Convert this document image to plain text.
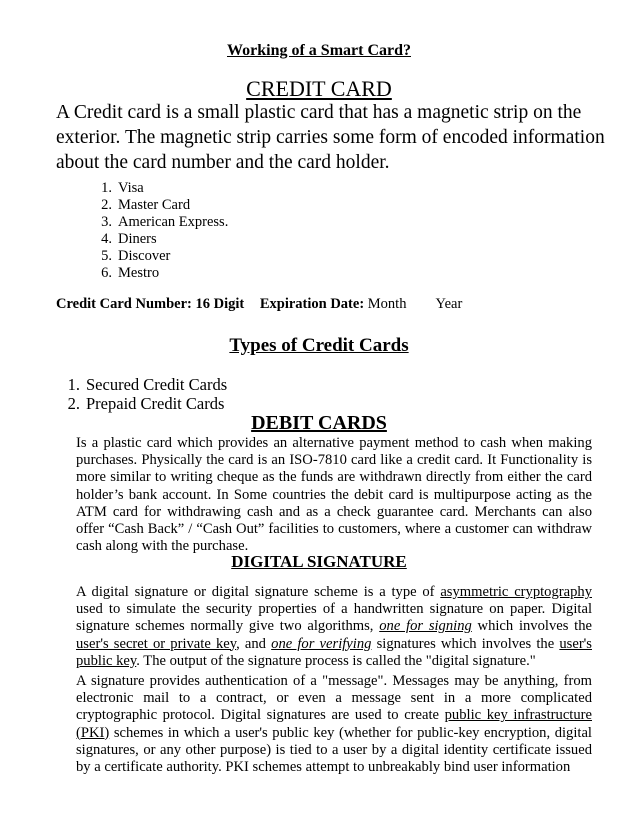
Working of a Smart Card?
CREDIT CARD

A Credit card is a small plastic card that has a magnetic strip on the exterior. The magnetic strip carries some form of encoded information about the card number and the card holder.

1. Visa
2. Master Card
3. American Express.
4. Diners
5. Discover
6. Mestro
Credit Card Number: 16 Digit Expiration Date: Month Year
Types of Credit Cards
1. Secured Credit Cards
2. Prepaid Credit Cards
DEBIT CARDS

Is a plastic card which provides an alternative payment method to cash when making purchases. Physically the card is an ISO-7810 card like a credit card. It Functionality is more similar to writing cheque as the funds are withdrawn directly from either the card holder’s bank account. In Some countries the debit card is multipurpose acting as the ATM card for withdrawing cash and as a check guarantee card. Merchants can also offer “Cash Back” / “Cash Out” facilities to customers, where a customer can withdraw cash along with the purchase.

DIGITAL SIGNATURE

A digital signature or digital signature scheme is a type of asymmetric cryptography used to simulate the security properties of a handwritten signature on paper. Digital signature schemes normally give two algorithms, one for signing which involves the user's secret or private key, and one for verifying signatures which involves the user's public key. The output of the signature process is called the "digital signature."

A signature provides authentication of a "message". Messages may be anything, from electronic mail to a contract, or even a message sent in a more complicated cryptographic protocol. Digital signatures are used to create public key infrastructure (PKI) schemes in which a user's public key (whether for public-key encryption, digital signatures, or any other purpose) is tied to a user by a digital identity certificate issued by a certificate authority. PKI schemes attempt to unbreakably bind user information
